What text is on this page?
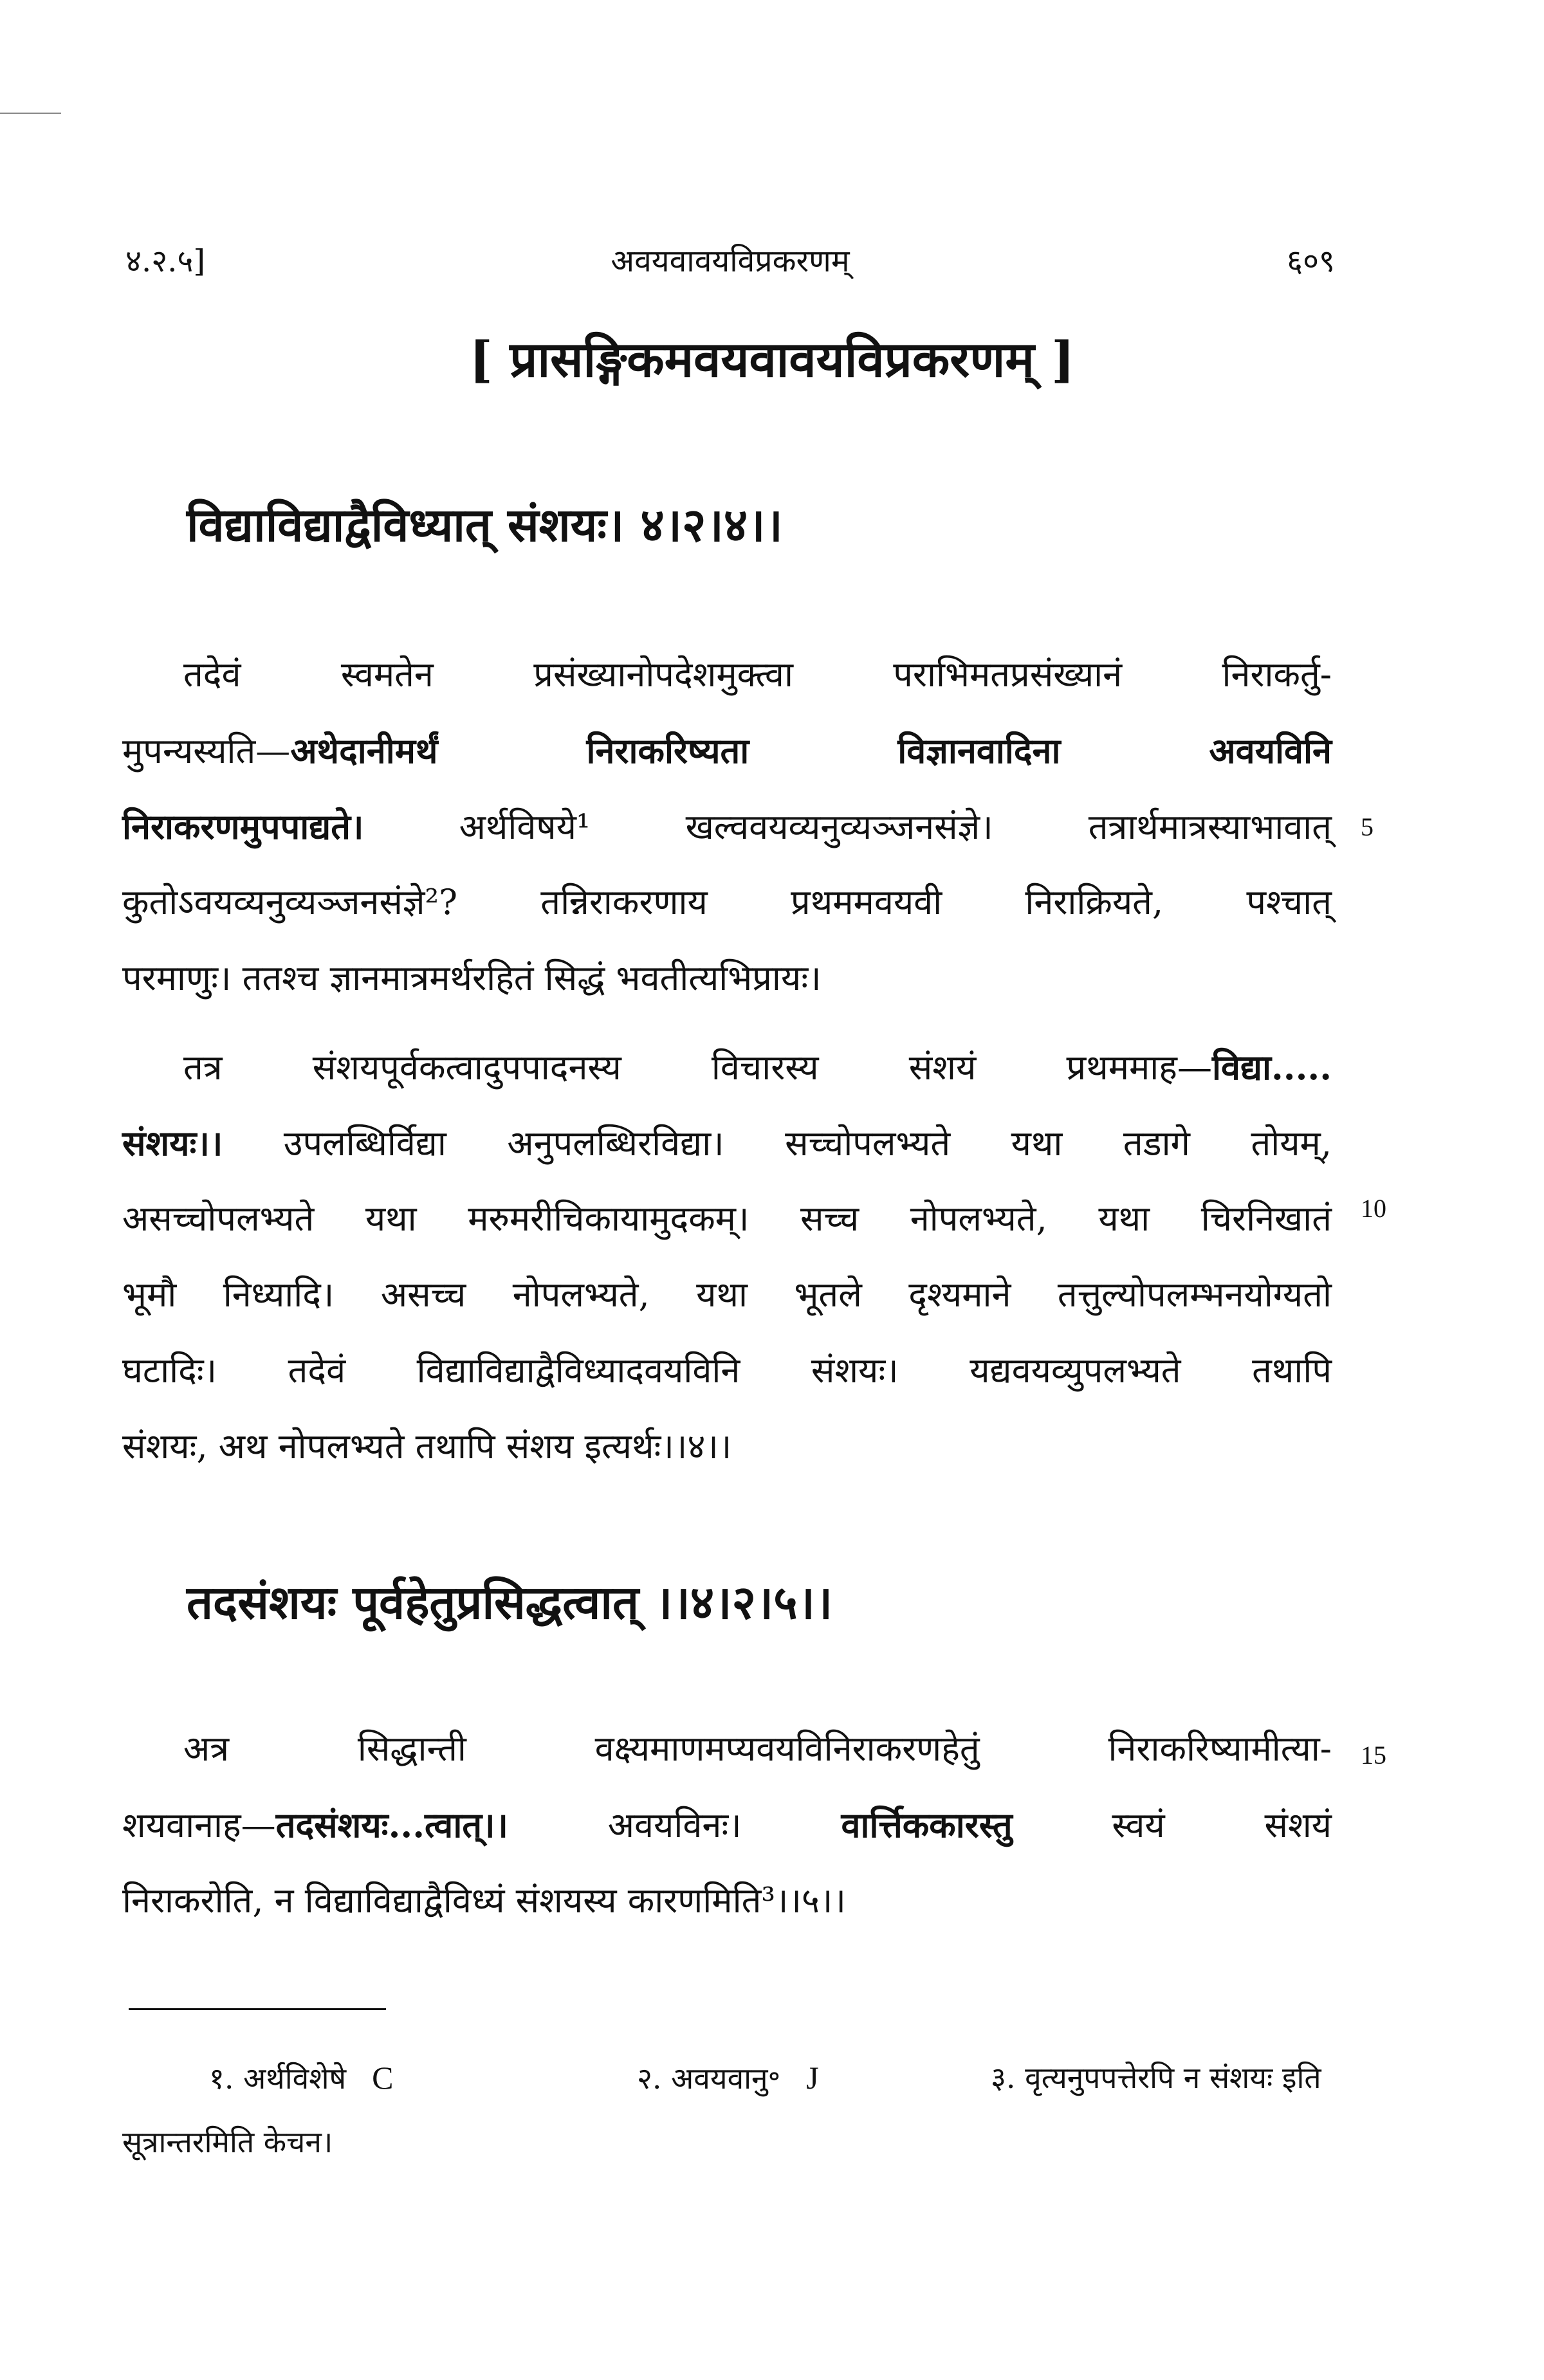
४.२.५]	अवयवावयविप्रकरणम्	६०९
[ प्रासङ्गिकमवयवावयविप्रकरणम् ]
विद्याविद्याद्वैविध्यात् संशयः। ४।२।४।।
तदेवं स्वमतेन प्रसंख्यानोपदेशमुक्त्वा पराभिमतप्रसंख्यानं निराकर्तु-
मुपन्यस्यति—अथेदानीमर्थं निराकरिष्यता विज्ञानवादिना अवयविनि
निराकरणमुपपाद्यते। अर्थविषये¹ खल्ववयव्यनुव्यञ्जनसंज्ञे। तत्रार्थमात्रस्याभावात्
कुतोऽवयव्यनुव्यञ्जनसंज्ञे²? तन्निराकरणाय प्रथममवयवी निराक्रियते, पश्चात्
परमाणुः। ततश्च ज्ञानमात्रमर्थरहितं सिद्धं भवतीत्यभिप्रायः।
तत्र संशयपूर्वकत्वादुपपादनस्य विचारस्य संशयं प्रथममाह—विद्या.....
संशयः।। उपलब्धिर्विद्या अनुपलब्धिरविद्या। सच्चोपलभ्यते यथा तडागे तोयम्,
असच्चोपलभ्यते यथा मरुमरीचिकायामुदकम्। सच्च नोपलभ्यते, यथा चिरनिखातं
भूमौ निध्यादि। असच्च नोपलभ्यते, यथा भूतले दृश्यमाने तत्तुल्योपलम्भनयोग्यतो
घटादिः। तदेवं विद्याविद्याद्वैविध्यादवयविनि संशयः। यद्यवयव्युपलभ्यते तथापि
संशयः, अथ नोपलभ्यते तथापि संशय इत्यर्थः।।४।।
तदसंशयः पूर्वहेतुप्रसिद्धत्वात् ।।४।२।५।।
अत्र सिद्धान्ती वक्ष्यमाणमप्यवयविनिराकरणहेतुं निराकरिष्यामीत्या-
शयवानाह—तदसंशयः...त्वात्।। अवयविनः। वार्त्तिककारस्तु स्वयं संशयं
निराकरोति, न विद्याविद्याद्वैविध्यं संशयस्य कारणमिति³।।५।।
5
10
15
१. अर्थविशेषे C	२. अवयवानु॰ J	३. वृत्यनुपपत्तेरपि न संशयः इति
सूत्रान्तरमिति केचन।
